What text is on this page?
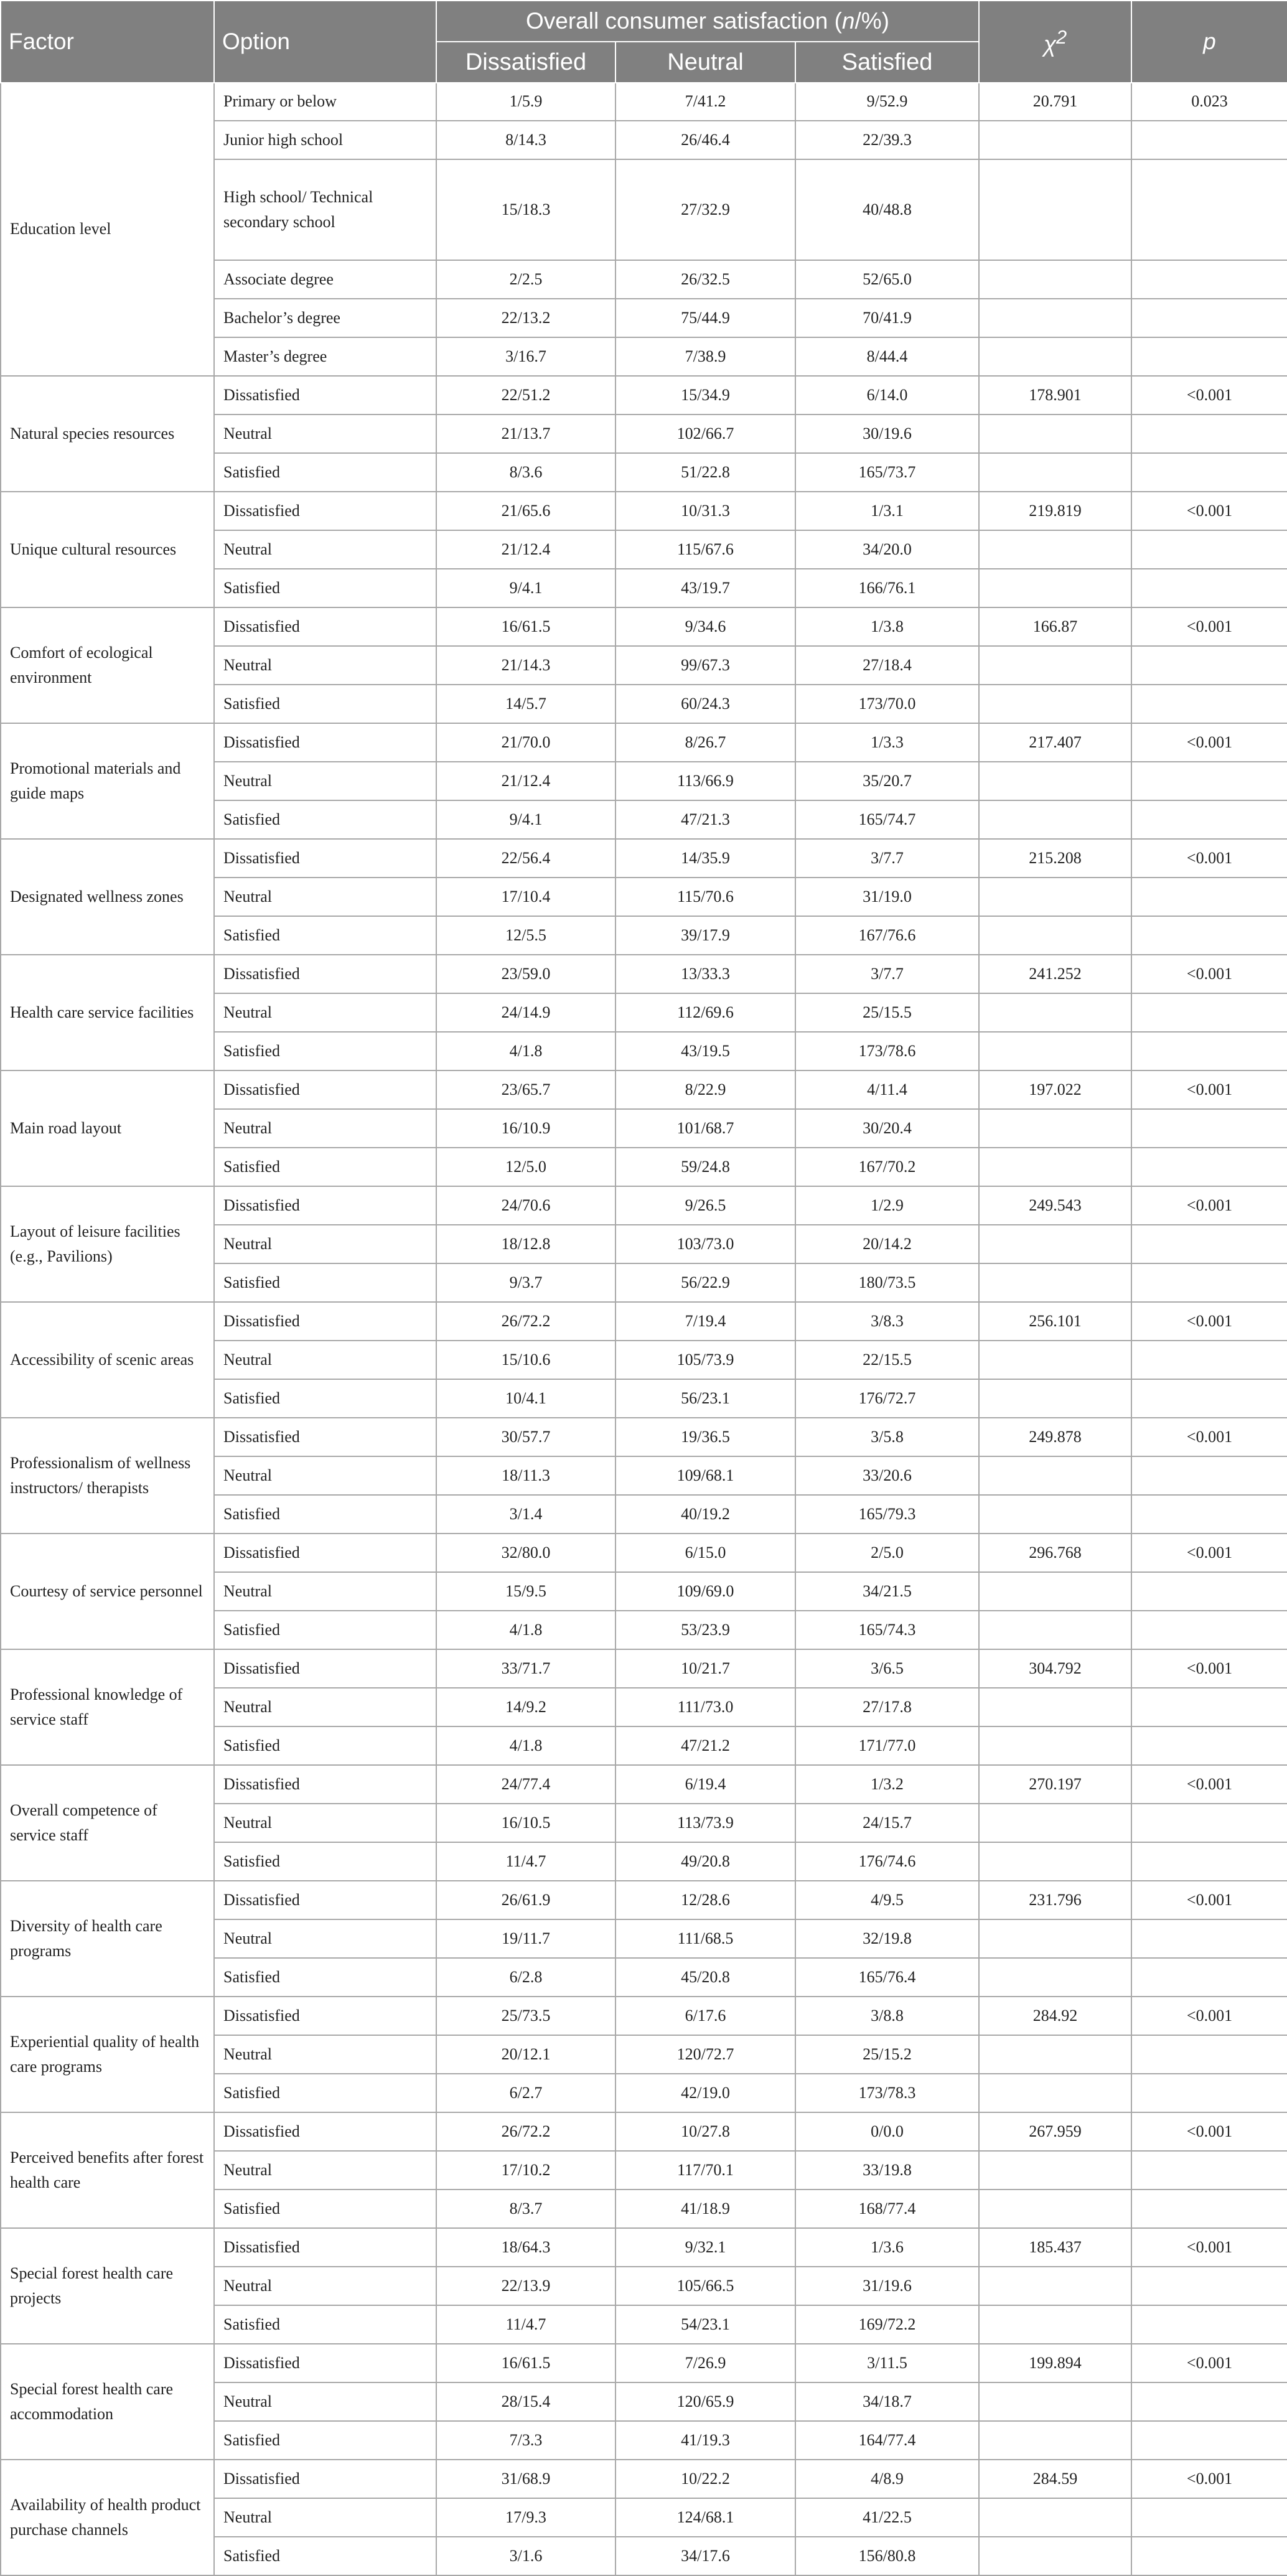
Factor	Option	Overall consumer satisfaction (n/%)			$\chi^2$	p
		Dissatisfied	Neutral	Satisfied		
Education level	Primary or below	1/5.9	7/41.2	9/52.9	20.791	0.023
	Junior high school	8/14.3	26/46.4	22/39.3		
	High school/ Technical secondary school	15/18.3	27/32.9	40/48.8		
	Associate degree	2/2.5	26/32.5	52/65.0		
	Bachelor’s degree	22/13.2	75/44.9	70/41.9		
	Master’s degree	3/16.7	7/38.9	8/44.4		
Natural species resources	Dissatisfied	22/51.2	15/34.9	6/14.0	178.901	<0.001
	Neutral	21/13.7	102/66.7	30/19.6		
	Satisfied	8/3.6	51/22.8	165/73.7		
Unique cultural resources	Dissatisfied	21/65.6	10/31.3	1/3.1	219.819	<0.001
	Neutral	21/12.4	115/67.6	34/20.0		
	Satisfied	9/4.1	43/19.7	166/76.1		
Comfort of ecological environment	Dissatisfied	16/61.5	9/34.6	1/3.8	166.87	<0.001
	Neutral	21/14.3	99/67.3	27/18.4		
	Satisfied	14/5.7	60/24.3	173/70.0		
Promotional materials and guide maps	Dissatisfied	21/70.0	8/26.7	1/3.3	217.407	<0.001
	Neutral	21/12.4	113/66.9	35/20.7		
	Satisfied	9/4.1	47/21.3	165/74.7		
Designated wellness zones	Dissatisfied	22/56.4	14/35.9	3/7.7	215.208	<0.001
	Neutral	17/10.4	115/70.6	31/19.0		
	Satisfied	12/5.5	39/17.9	167/76.6		
Health care service facilities	Dissatisfied	23/59.0	13/33.3	3/7.7	241.252	<0.001
	Neutral	24/14.9	112/69.6	25/15.5		
	Satisfied	4/1.8	43/19.5	173/78.6		
Main road layout	Dissatisfied	23/65.7	8/22.9	4/11.4	197.022	<0.001
	Neutral	16/10.9	101/68.7	30/20.4		
	Satisfied	12/5.0	59/24.8	167/70.2		
Layout of leisure facilities (e.g., Pavilions)	Dissatisfied	24/70.6	9/26.5	1/2.9	249.543	<0.001
	Neutral	18/12.8	103/73.0	20/14.2		
	Satisfied	9/3.7	56/22.9	180/73.5		
Accessibility of scenic areas	Dissatisfied	26/72.2	7/19.4	3/8.3	256.101	<0.001
	Neutral	15/10.6	105/73.9	22/15.5		
	Satisfied	10/4.1	56/23.1	176/72.7		
Professionalism of wellness instructors/ therapists	Dissatisfied	30/57.7	19/36.5	3/5.8	249.878	<0.001
	Neutral	18/11.3	109/68.1	33/20.6		
	Satisfied	3/1.4	40/19.2	165/79.3		
Courtesy of service personnel	Dissatisfied	32/80.0	6/15.0	2/5.0	296.768	<0.001
	Neutral	15/9.5	109/69.0	34/21.5		
	Satisfied	4/1.8	53/23.9	165/74.3		
Professional knowledge of service staff	Dissatisfied	33/71.7	10/21.7	3/6.5	304.792	<0.001
	Neutral	14/9.2	111/73.0	27/17.8		
	Satisfied	4/1.8	47/21.2	171/77.0		
Overall competence of service staff	Dissatisfied	24/77.4	6/19.4	1/3.2	270.197	<0.001
	Neutral	16/10.5	113/73.9	24/15.7		
	Satisfied	11/4.7	49/20.8	176/74.6		
Diversity of health care programs	Dissatisfied	26/61.9	12/28.6	4/9.5	231.796	<0.001
	Neutral	19/11.7	111/68.5	32/19.8		
	Satisfied	6/2.8	45/20.8	165/76.4		
Experiential quality of health care programs	Dissatisfied	25/73.5	6/17.6	3/8.8	284.92	<0.001
	Neutral	20/12.1	120/72.7	25/15.2		
	Satisfied	6/2.7	42/19.0	173/78.3		
Perceived benefits after forest health care	Dissatisfied	26/72.2	10/27.8	0/0.0	267.959	<0.001
	Neutral	17/10.2	117/70.1	33/19.8		
	Satisfied	8/3.7	41/18.9	168/77.4		
Special forest health care projects	Dissatisfied	18/64.3	9/32.1	1/3.6	185.437	<0.001
	Neutral	22/13.9	105/66.5	31/19.6		
	Satisfied	11/4.7	54/23.1	169/72.2		
Special forest health care accommodation	Dissatisfied	16/61.5	7/26.9	3/11.5	199.894	<0.001
	Neutral	28/15.4	120/65.9	34/18.7		
	Satisfied	7/3.3	41/19.3	164/77.4		
Availability of health product purchase channels	Dissatisfied	31/68.9	10/22.2	4/8.9	284.59	<0.001
	Neutral	17/9.3	124/68.1	41/22.5		
	Satisfied	3/1.6	34/17.6	156/80.8		
